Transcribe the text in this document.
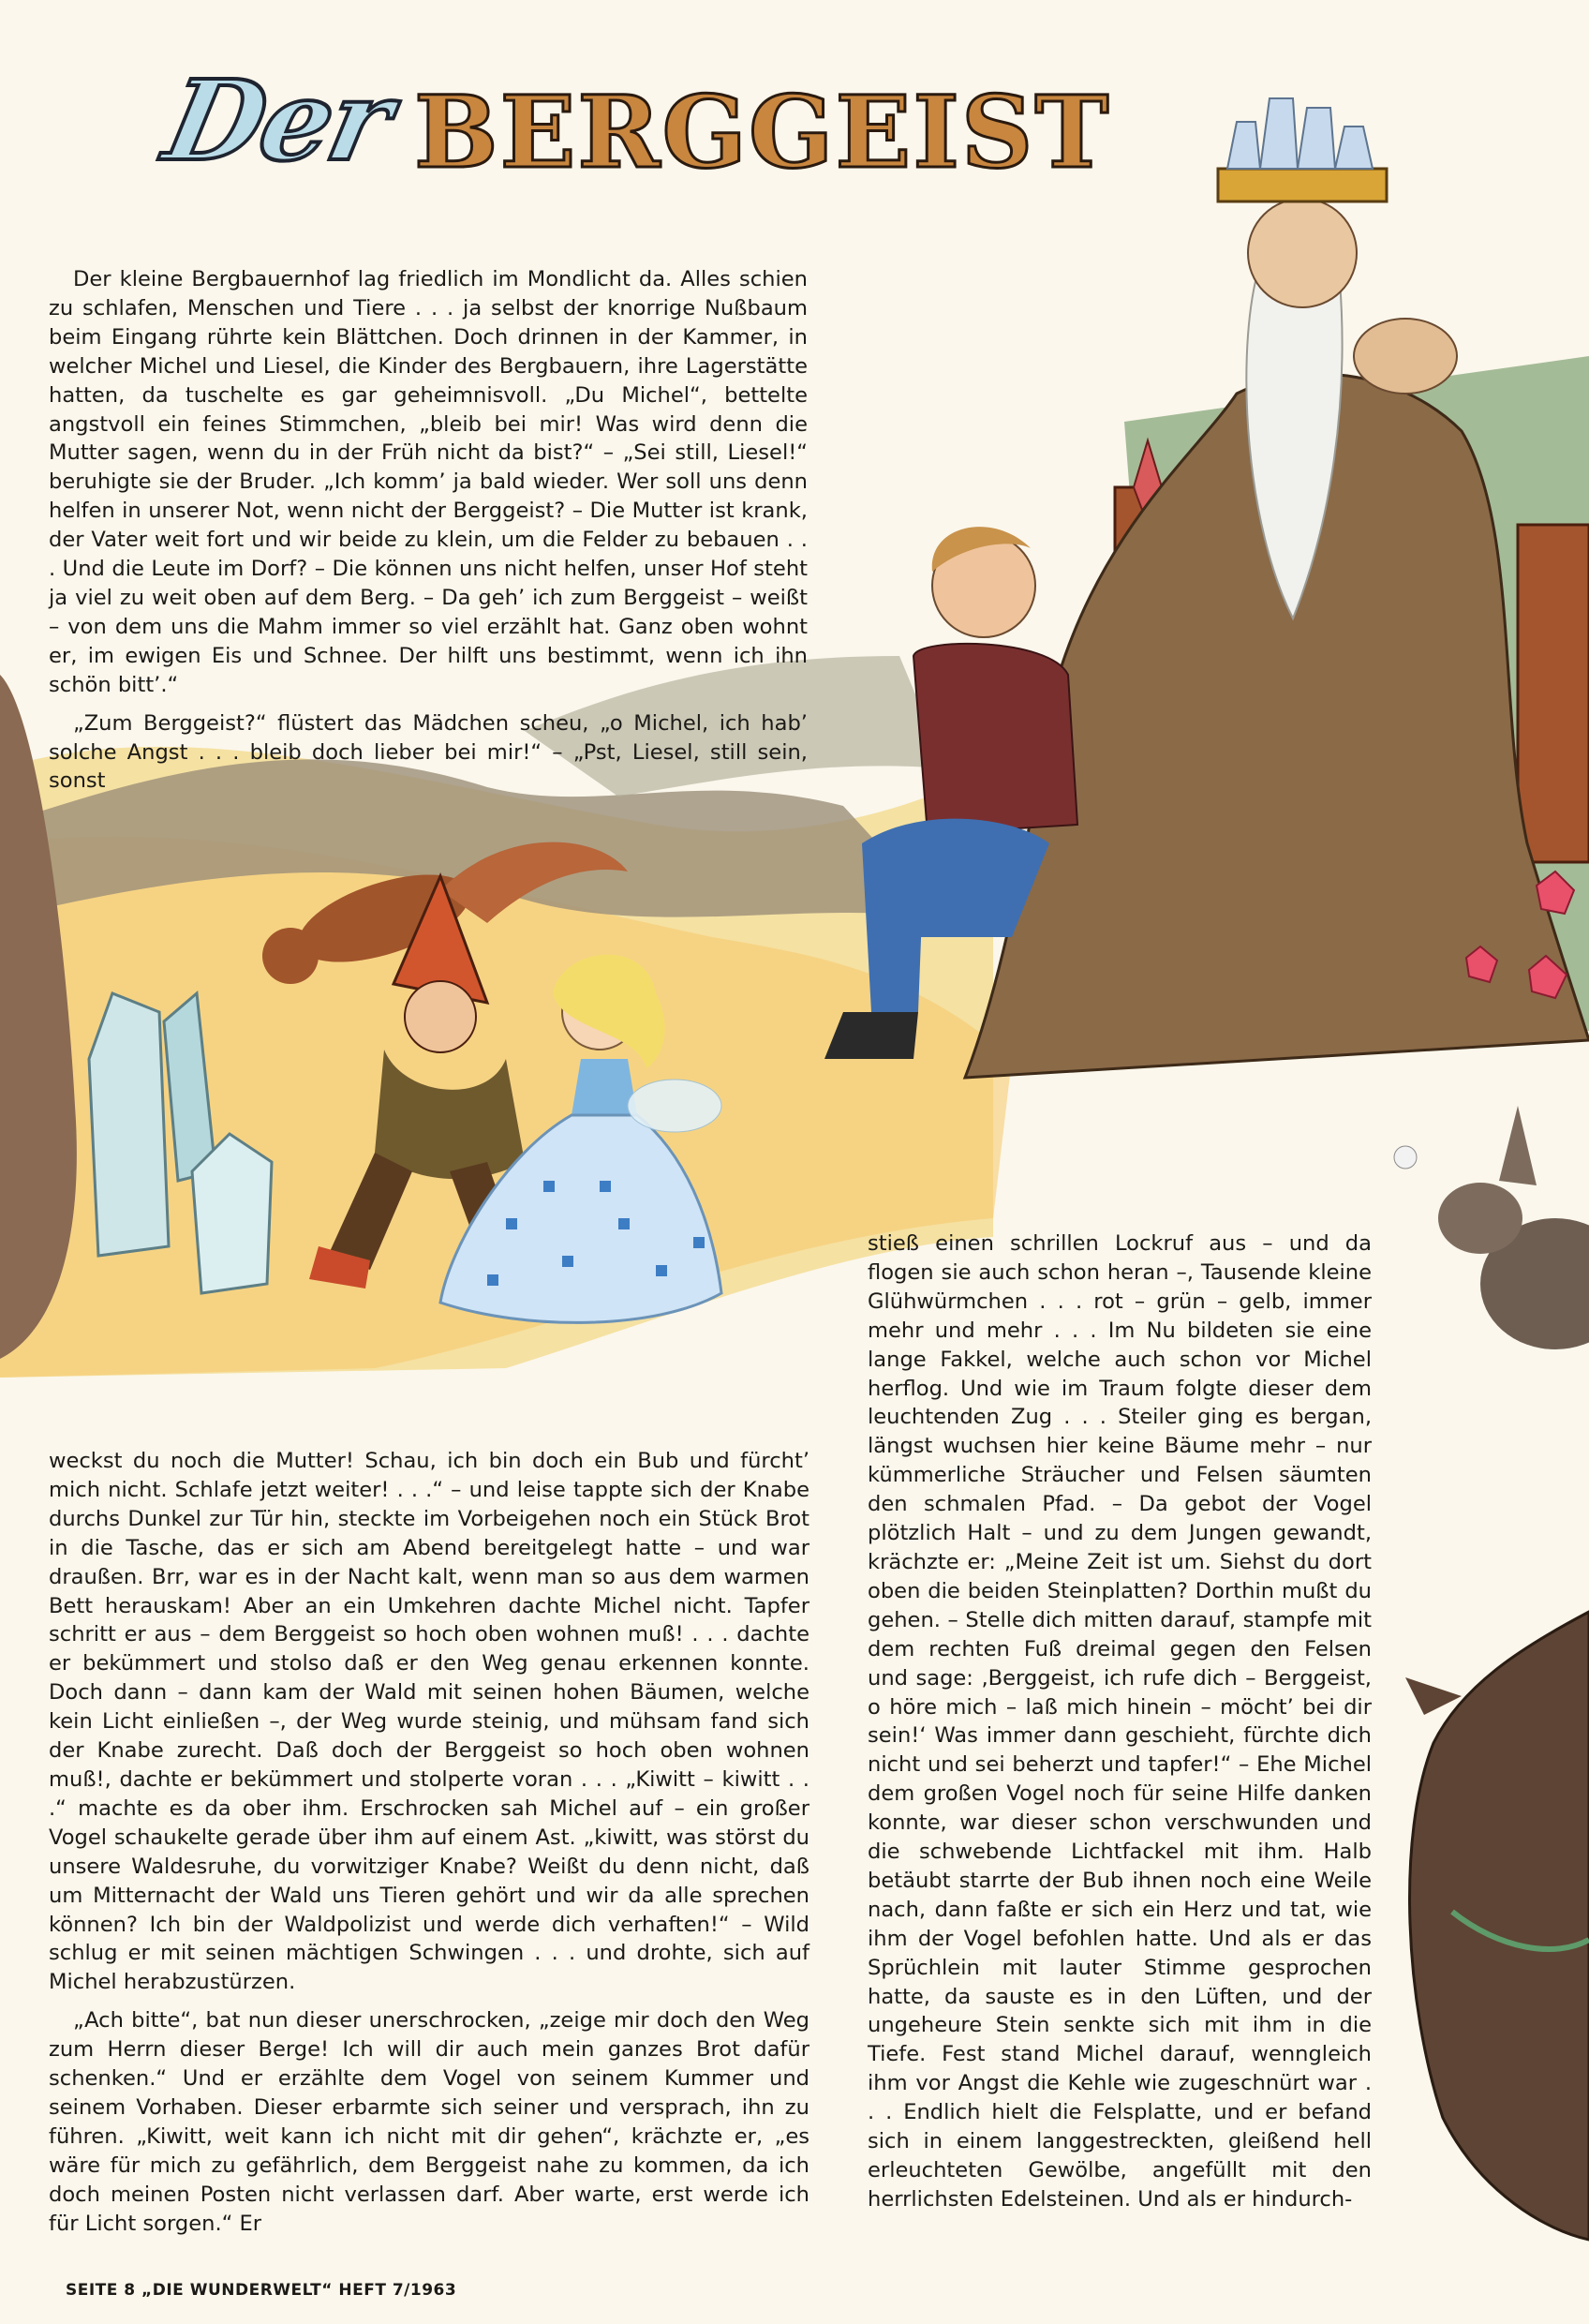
Der BERGGEIST

Der kleine Bergbauernhof lag friedlich im Mondlicht da. Alles schien zu schlafen, Menschen und Tiere . . . ja selbst der knorrige Nußbaum beim Eingang rührte kein Blättchen. Doch drinnen in der Kammer, in welcher Michel und Liesel, die Kinder des Bergbauern, ihre Lagerstätte hatten, da tuschelte es gar geheimnisvoll. „Du Michel“, bettelte angstvoll ein feines Stimmchen, „bleib bei mir! Was wird denn die Mutter sagen, wenn du in der Früh nicht da bist?“ – „Sei still, Liesel!“ beruhigte sie der Bruder. „Ich komm’ ja bald wieder. Wer soll uns denn helfen in unserer Not, wenn nicht der Berggeist? – Die Mutter ist krank, der Vater weit fort und wir beide zu klein, um die Felder zu bebauen . . . Und die Leute im Dorf? – Die können uns nicht helfen, unser Hof steht ja viel zu weit oben auf dem Berg. – Da geh’ ich zum Berggeist – weißt – von dem uns die Mahm immer so viel erzählt hat. Ganz oben wohnt er, im ewigen Eis und Schnee. Der hilft uns bestimmt, wenn ich ihn schön bitt’.“

„Zum Berggeist?“ flüstert das Mädchen scheu, „o Michel, ich hab’ solche Angst . . . bleib doch lieber bei mir!“ – „Pst, Liesel, still sein, sonst

weckst du noch die Mutter! Schau, ich bin doch ein Bub und fürcht’ mich nicht. Schlafe jetzt weiter! . . .“ – und leise tappte sich der Knabe durchs Dunkel zur Tür hin, steckte im Vorbeigehen noch ein Stück Brot in die Tasche, das er sich am Abend bereitgelegt hatte – und war draußen. Brr, war es in der Nacht kalt, wenn man so aus dem warmen Bett herauskam! Aber an ein Umkehren dachte Michel nicht. Tapfer schritt er aus – dem Berggeist so hoch oben wohnen muß! . . . dachte er bekümmert und stolso daß er den Weg genau erkennen konnte. Doch dann – dann kam der Wald mit seinen hohen Bäumen, welche kein Licht einließen –, der Weg wurde steinig, und mühsam fand sich der Knabe zurecht. Daß doch der Berggeist so hoch oben wohnen muß!, dachte er bekümmert und stolperte voran . . . „Kiwitt – kiwitt . . .“ machte es da ober ihm. Erschrocken sah Michel auf – ein großer Vogel schaukelte gerade über ihm auf einem Ast. „kiwitt, was störst du unsere Waldesruhe, du vorwitziger Knabe? Weißt du denn nicht, daß um Mitternacht der Wald uns Tieren gehört und wir da alle sprechen können? Ich bin der Waldpolizist und werde dich verhaften!“ – Wild schlug er mit seinen mächtigen Schwingen . . . und drohte, sich auf Michel herabzustürzen.

„Ach bitte“, bat nun dieser unerschrocken, „zeige mir doch den Weg zum Herrn dieser Berge! Ich will dir auch mein ganzes Brot dafür schenken.“ Und er erzählte dem Vogel von seinem Kummer und seinem Vorhaben. Dieser erbarmte sich seiner und versprach, ihn zu führen. „Kiwitt, weit kann ich nicht mit dir gehen“, krächzte er, „es wäre für mich zu gefährlich, dem Berggeist nahe zu kommen, da ich doch meinen Posten nicht verlassen darf. Aber warte, erst werde ich für Licht sorgen.“ Er

stieß einen schrillen Lockruf aus – und da flogen sie auch schon heran –, Tausende kleine Glühwürmchen . . . rot – grün – gelb, immer mehr und mehr . . . Im Nu bildeten sie eine lange Fakkel, welche auch schon vor Michel herflog. Und wie im Traum folgte dieser dem leuchtenden Zug . . . Steiler ging es bergan, längst wuchsen hier keine Bäume mehr – nur kümmerliche Sträucher und Felsen säumten den schmalen Pfad. – Da gebot der Vogel plötzlich Halt – und zu dem Jungen gewandt, krächzte er: „Meine Zeit ist um. Siehst du dort oben die beiden Steinplatten? Dorthin mußt du gehen. – Stelle dich mitten darauf, stampfe mit dem rechten Fuß dreimal gegen den Felsen und sage: ‚Berggeist, ich rufe dich – Berggeist, o höre mich – laß mich hinein – möcht’ bei dir sein!‘ Was immer dann geschieht, fürchte dich nicht und sei beherzt und tapfer!“ – Ehe Michel dem großen Vogel noch für seine Hilfe danken konnte, war dieser schon verschwunden und die schwebende Lichtfackel mit ihm. Halb betäubt starrte der Bub ihnen noch eine Weile nach, dann faßte er sich ein Herz und tat, wie ihm der Vogel befohlen hatte. Und als er das Sprüchlein mit lauter Stimme gesprochen hatte, da sauste es in den Lüften, und der ungeheure Stein senkte sich mit ihm in die Tiefe. Fest stand Michel darauf, wenngleich ihm vor Angst die Kehle wie zugeschnürt war . . . Endlich hielt die Felsplatte, und er befand sich in einem langgestreckten, gleißend hell erleuchteten Gewölbe, angefüllt mit den herrlichsten Edelsteinen. Und als er hindurch-

SEITE 8 „DIE WUNDERWELT“ HEFT 7/1963
